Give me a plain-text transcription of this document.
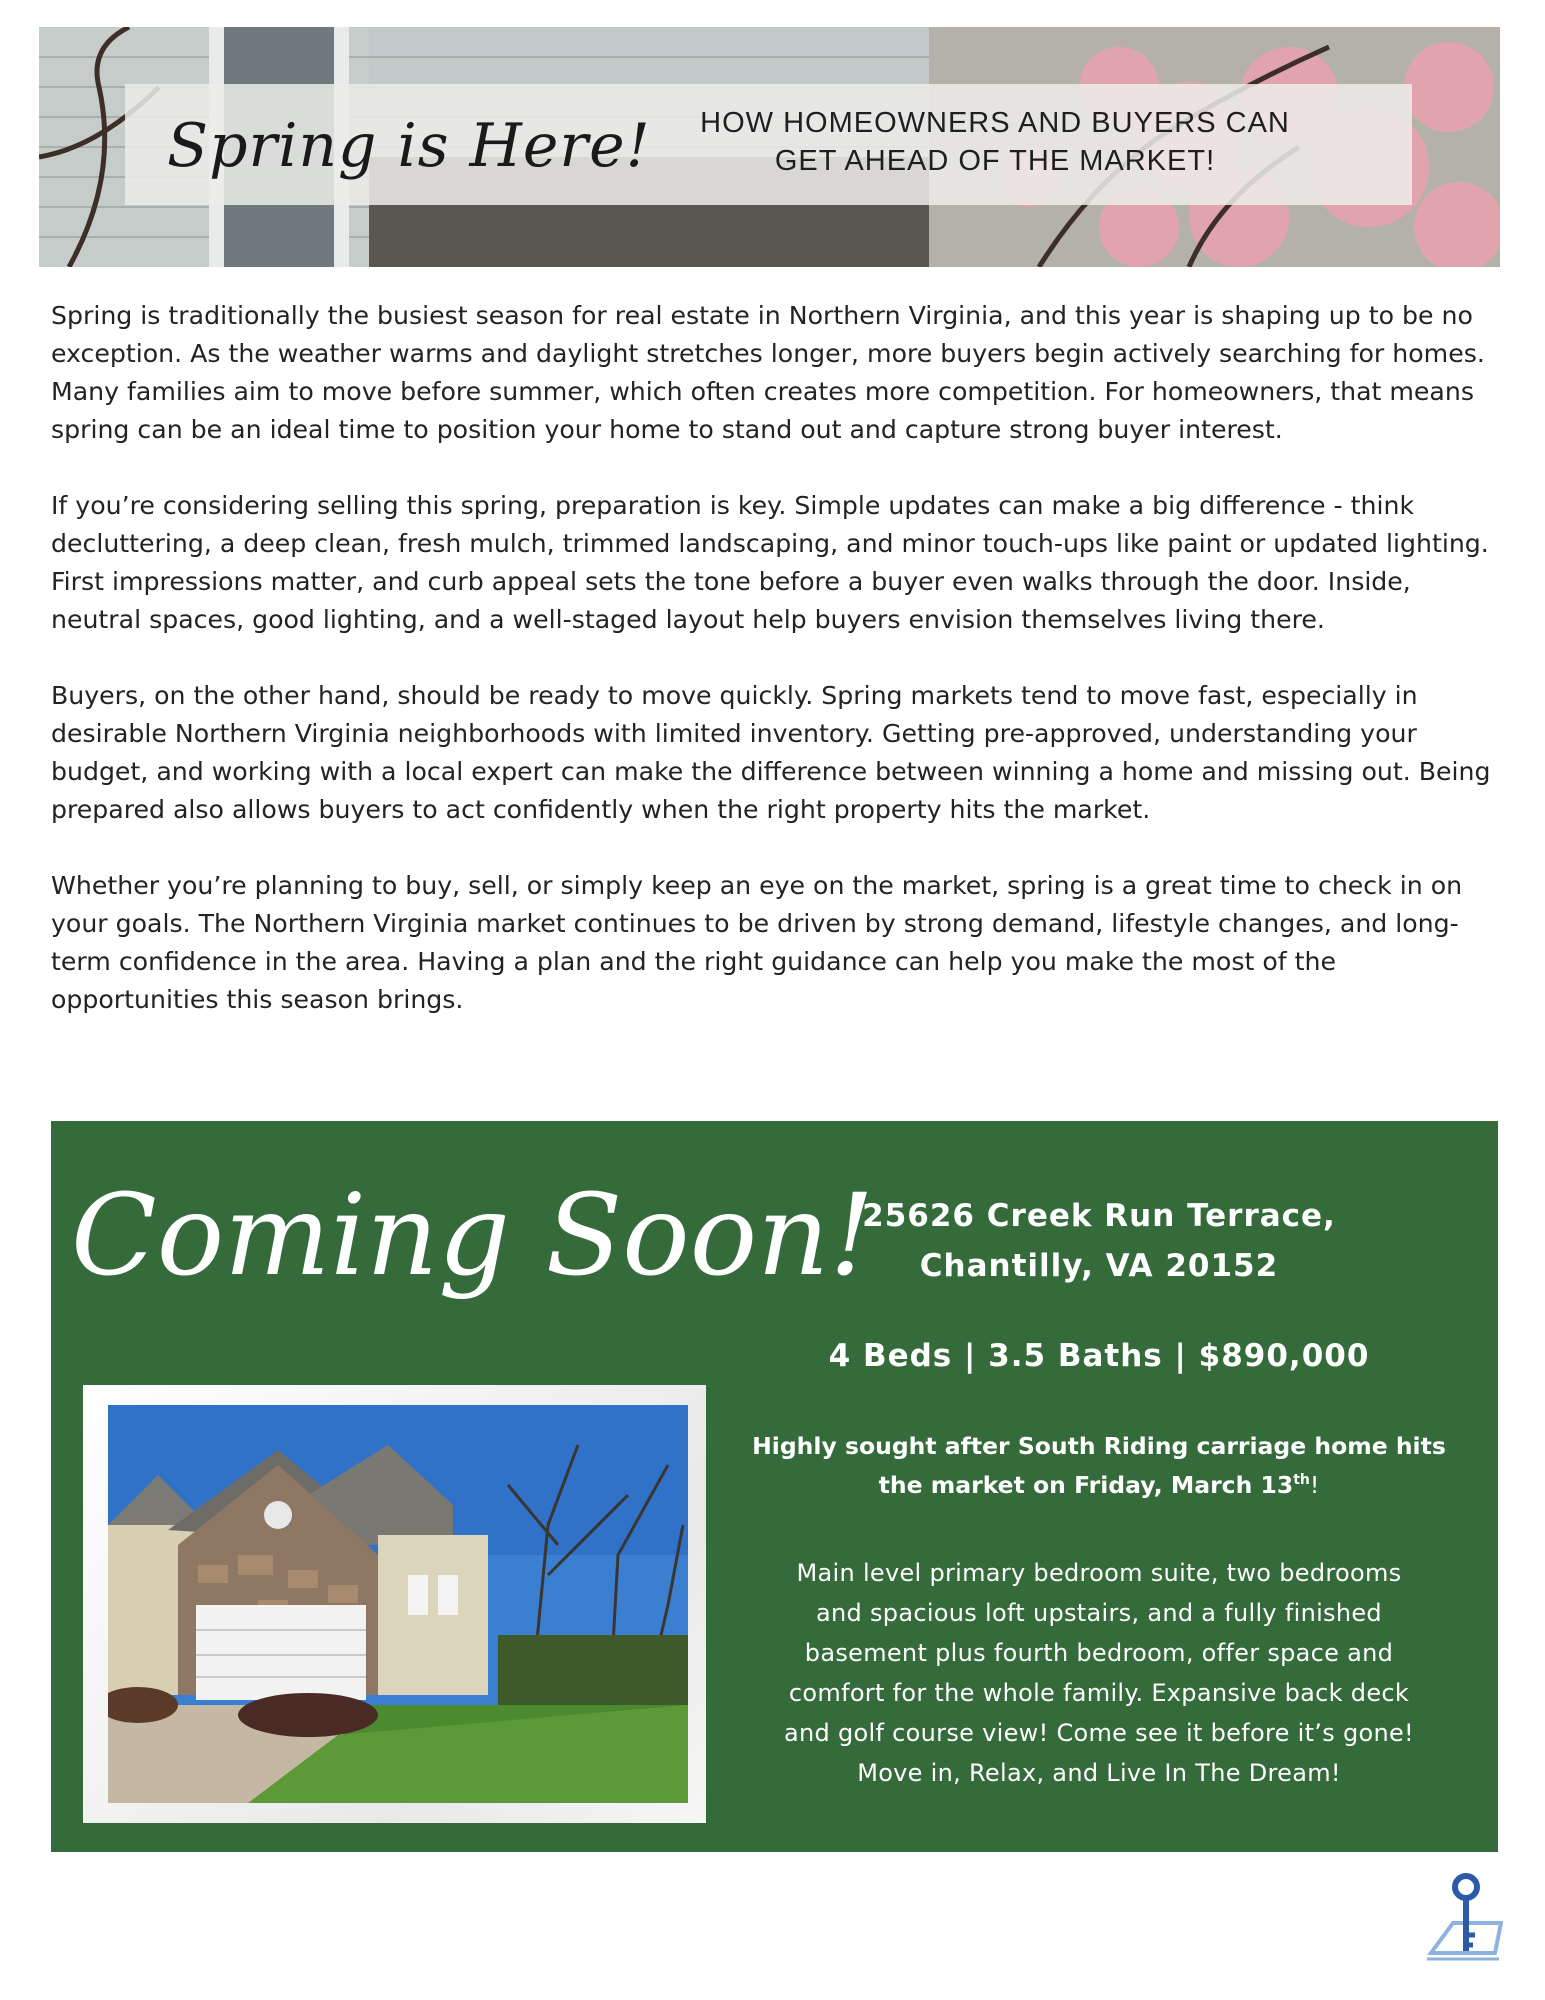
Spring is Here!	HOW HOMEOWNERS AND BUYERS CAN
GET AHEAD OF THE MARKET!

Spring is traditionally the busiest season for real estate in Northern Virginia, and this year is shaping up to be no exception. As the weather warms and daylight stretches longer, more buyers begin actively searching for homes. Many families aim to move before summer, which often creates more competition. For homeowners, that means spring can be an ideal time to position your home to stand out and capture strong buyer interest.

If you’re considering selling this spring, preparation is key. Simple updates can make a big difference - think decluttering, a deep clean, fresh mulch, trimmed landscaping, and minor touch-ups like paint or updated lighting. First impressions matter, and curb appeal sets the tone before a buyer even walks through the door. Inside, neutral spaces, good lighting, and a well-staged layout help buyers envision themselves living there.

Buyers, on the other hand, should be ready to move quickly. Spring markets tend to move fast, especially in desirable Northern Virginia neighborhoods with limited inventory. Getting pre-approved, understanding your budget, and working with a local expert can make the difference between winning a home and missing out. Being prepared also allows buyers to act confidently when the right property hits the market.

Whether you’re planning to buy, sell, or simply keep an eye on the market, spring is a great time to check in on your goals. The Northern Virginia market continues to be driven by strong demand, lifestyle changes, and long-term confidence in the area. Having a plan and the right guidance can help you make the most of the opportunities this season brings.

Coming Soon!
25626 Creek Run Terrace,
Chantilly, VA 20152
4 Beds | 3.5 Baths | $890,000
Highly sought after South Riding carriage home hits
the market on Friday, March 13th!
Main level primary bedroom suite, two bedrooms
and spacious loft upstairs, and a fully finished
basement plus fourth bedroom, offer space and
comfort for the whole family. Expansive back deck
and golf course view! Come see it before it’s gone!
Move in, Relax, and Live In The Dream!
